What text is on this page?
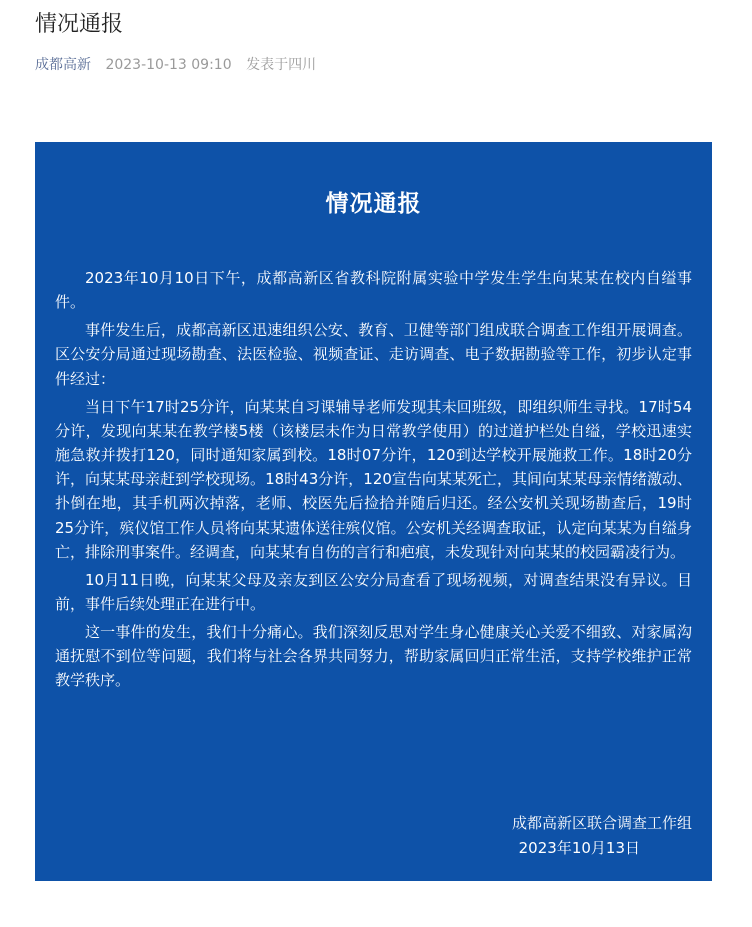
情况通报
成都高新 2023-10-13 09:10 发表于四川
情况通报

2023年10月10日下午，成都高新区省教科院附属实验中学发生学生向某某在校内自缢事件。

事件发生后，成都高新区迅速组织公安、教育、卫健等部门组成联合调查工作组开展调查。区公安分局通过现场勘查、法医检验、视频查证、走访调查、电子数据勘验等工作，初步认定事件经过：

当日下午17时25分许，向某某自习课辅导老师发现其未回班级，即组织师生寻找。17时54分许，发现向某某在教学楼5楼（该楼层未作为日常教学使用）的过道护栏处自缢，学校迅速实施急救并拨打120，同时通知家属到校。18时07分许，120到达学校开展施救工作。18时20分许，向某某母亲赶到学校现场。18时43分许，120宣告向某某死亡，其间向某某母亲情绪激动、扑倒在地，其手机两次掉落，老师、校医先后捡拾并随后归还。经公安机关现场勘查后，19时25分许，殡仪馆工作人员将向某某遗体送往殡仪馆。公安机关经调查取证，认定向某某为自缢身亡，排除刑事案件。经调查，向某某有自伤的言行和疤痕，未发现针对向某某的校园霸凌行为。

10月11日晚，向某某父母及亲友到区公安分局查看了现场视频，对调查结果没有异议。目前，事件后续处理正在进行中。

这一事件的发生，我们十分痛心。我们深刻反思对学生身心健康关心关爱不细致、对家属沟通抚慰不到位等问题，我们将与社会各界共同努力，帮助家属回归正常生活，支持学校维护正常教学秩序。

成都高新区联合调查工作组
2023年10月13日
